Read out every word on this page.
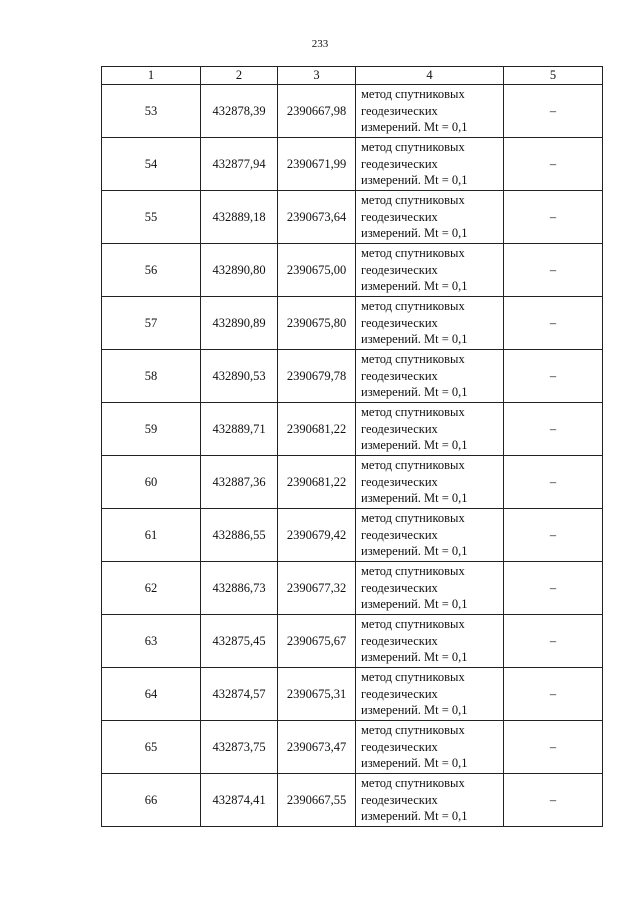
233
1	2	3	4	5
53	432878,39	2390667,98	метод спутниковых
геодезических
измерений. Mt = 0,1	–
54	432877,94	2390671,99	метод спутниковых
геодезических
измерений. Mt = 0,1	–
55	432889,18	2390673,64	метод спутниковых
геодезических
измерений. Mt = 0,1	–
56	432890,80	2390675,00	метод спутниковых
геодезических
измерений. Mt = 0,1	–
57	432890,89	2390675,80	метод спутниковых
геодезических
измерений. Mt = 0,1	–
58	432890,53	2390679,78	метод спутниковых
геодезических
измерений. Mt = 0,1	–
59	432889,71	2390681,22	метод спутниковых
геодезических
измерений. Mt = 0,1	–
60	432887,36	2390681,22	метод спутниковых
геодезических
измерений. Mt = 0,1	–
61	432886,55	2390679,42	метод спутниковых
геодезических
измерений. Mt = 0,1	–
62	432886,73	2390677,32	метод спутниковых
геодезических
измерений. Mt = 0,1	–
63	432875,45	2390675,67	метод спутниковых
геодезических
измерений. Mt = 0,1	–
64	432874,57	2390675,31	метод спутниковых
геодезических
измерений. Mt = 0,1	–
65	432873,75	2390673,47	метод спутниковых
геодезических
измерений. Mt = 0,1	–
66	432874,41	2390667,55	метод спутниковых
геодезических
измерений. Mt = 0,1	–
